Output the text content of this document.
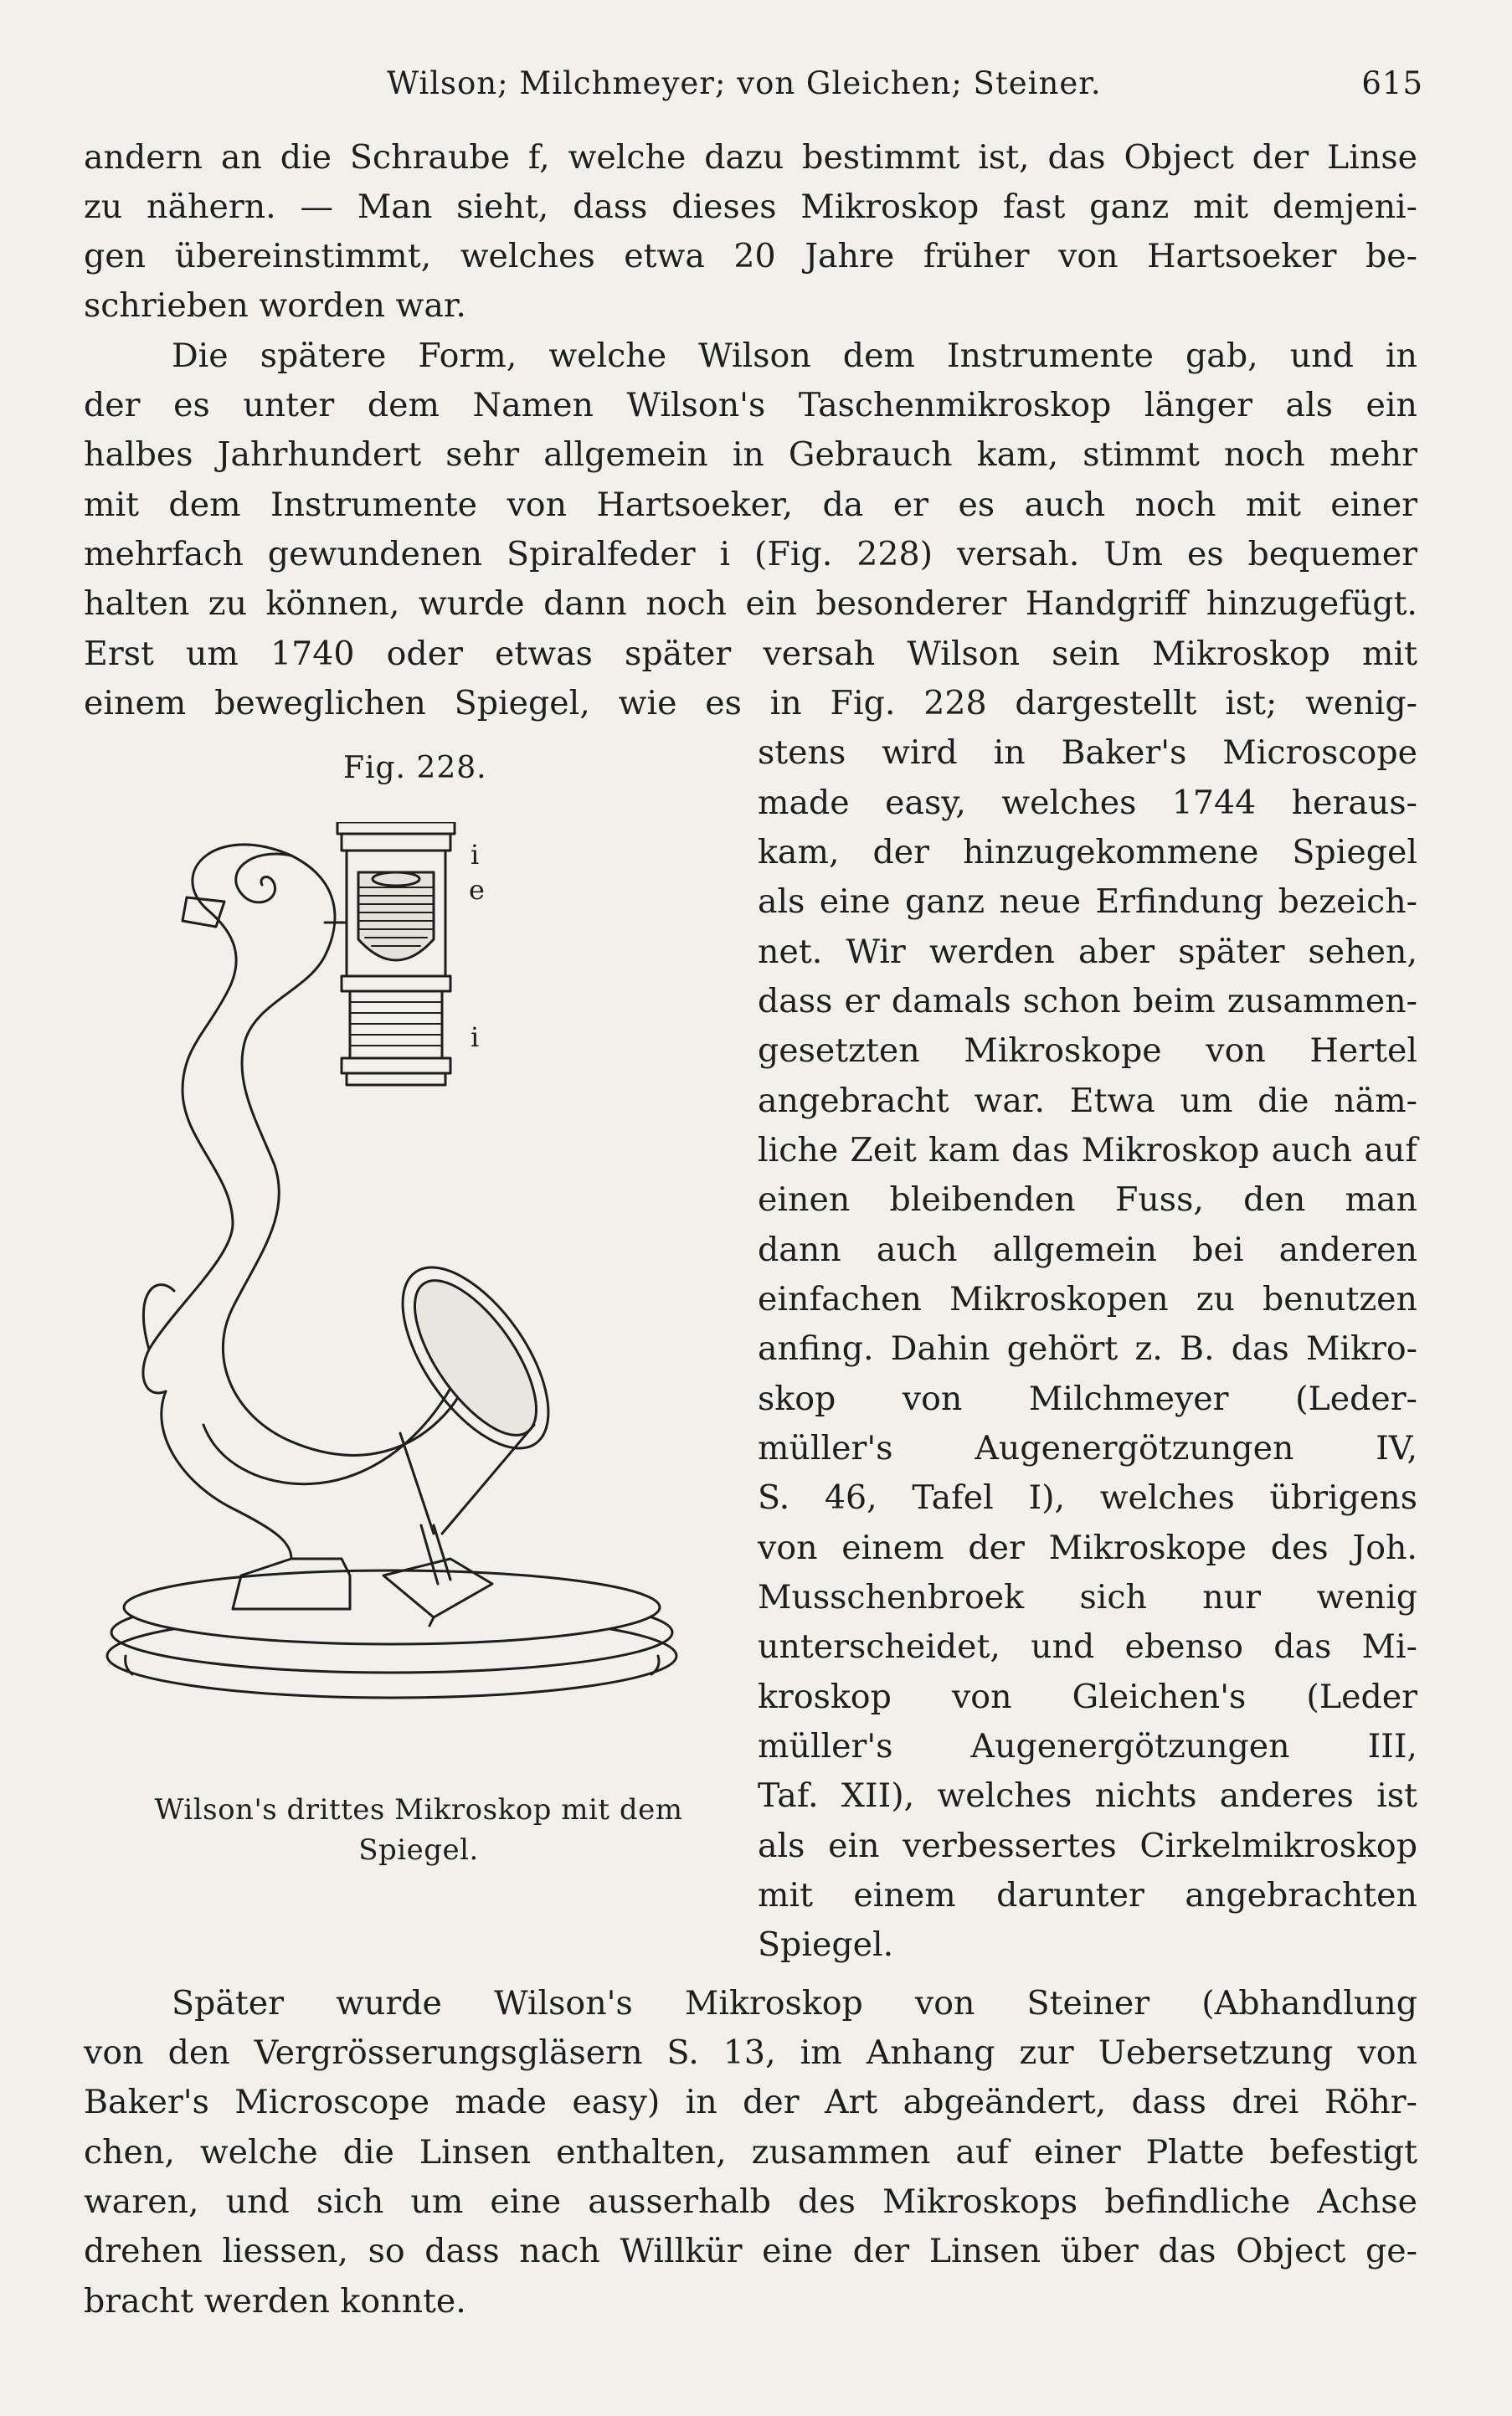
Wilson; Milchmeyer; von Gleichen; Steiner.	615
andern an die Schraube f, welche dazu bestimmt ist, das Object der Linse
zu nähern. — Man sieht, dass dieses Mikroskop fast ganz mit demjeni-
gen übereinstimmt, welches etwa 20 Jahre früher von Hartsoeker be-
schrieben worden war.
Die spätere Form, welche Wilson dem Instrumente gab, und in
der es unter dem Namen Wilson's Taschenmikroskop länger als ein
halbes Jahrhundert sehr allgemein in Gebrauch kam, stimmt noch mehr
mit dem Instrumente von Hartsoeker, da er es auch noch mit einer
mehrfach gewundenen Spiralfeder i (Fig. 228) versah. Um es bequemer
halten zu können, wurde dann noch ein besonderer Handgriff hinzugefügt.
Erst um 1740 oder etwas später versah Wilson sein Mikroskop mit
einem beweglichen Spiegel, wie es in Fig. 228 dargestellt ist; wenig-
stens wird in Baker's Microscope
made easy, welches 1744 heraus-
kam, der hinzugekommene Spiegel
als eine ganz neue Erfindung bezeich-
net. Wir werden aber später sehen,
dass er damals schon beim zusammen-
gesetzten Mikroskope von Hertel
angebracht war. Etwa um die näm-
liche Zeit kam das Mikroskop auch auf
einen bleibenden Fuss, den man
dann auch allgemein bei anderen
einfachen Mikroskopen zu benutzen
anfing. Dahin gehört z. B. das Mikro-
skop von Milchmeyer (Leder-
müller's Augenergötzungen IV,
S. 46, Tafel I), welches übrigens
von einem der Mikroskope des Joh.
Musschenbroek sich nur wenig
unterscheidet, und ebenso das Mi-
kroskop von Gleichen's (Leder
müller's Augenergötzungen III,
Taf. XII), welches nichts anderes ist
als ein verbessertes Cirkelmikroskop
mit einem darunter angebrachten
Spiegel.
Später wurde Wilson's Mikroskop von Steiner (Abhandlung
von den Vergrösserungsgläsern S. 13, im Anhang zur Uebersetzung von
Baker's Microscope made easy) in der Art abgeändert, dass drei Röhr-
chen, welche die Linsen enthalten, zusammen auf einer Platte befestigt
waren, und sich um eine ausserhalb des Mikroskops befindliche Achse
drehen liessen, so dass nach Willkür eine der Linsen über das Object ge-
bracht werden konnte.
Fig. 228.
i
e
i
Wilson's drittes Mikroskop mit dem
Spiegel.
